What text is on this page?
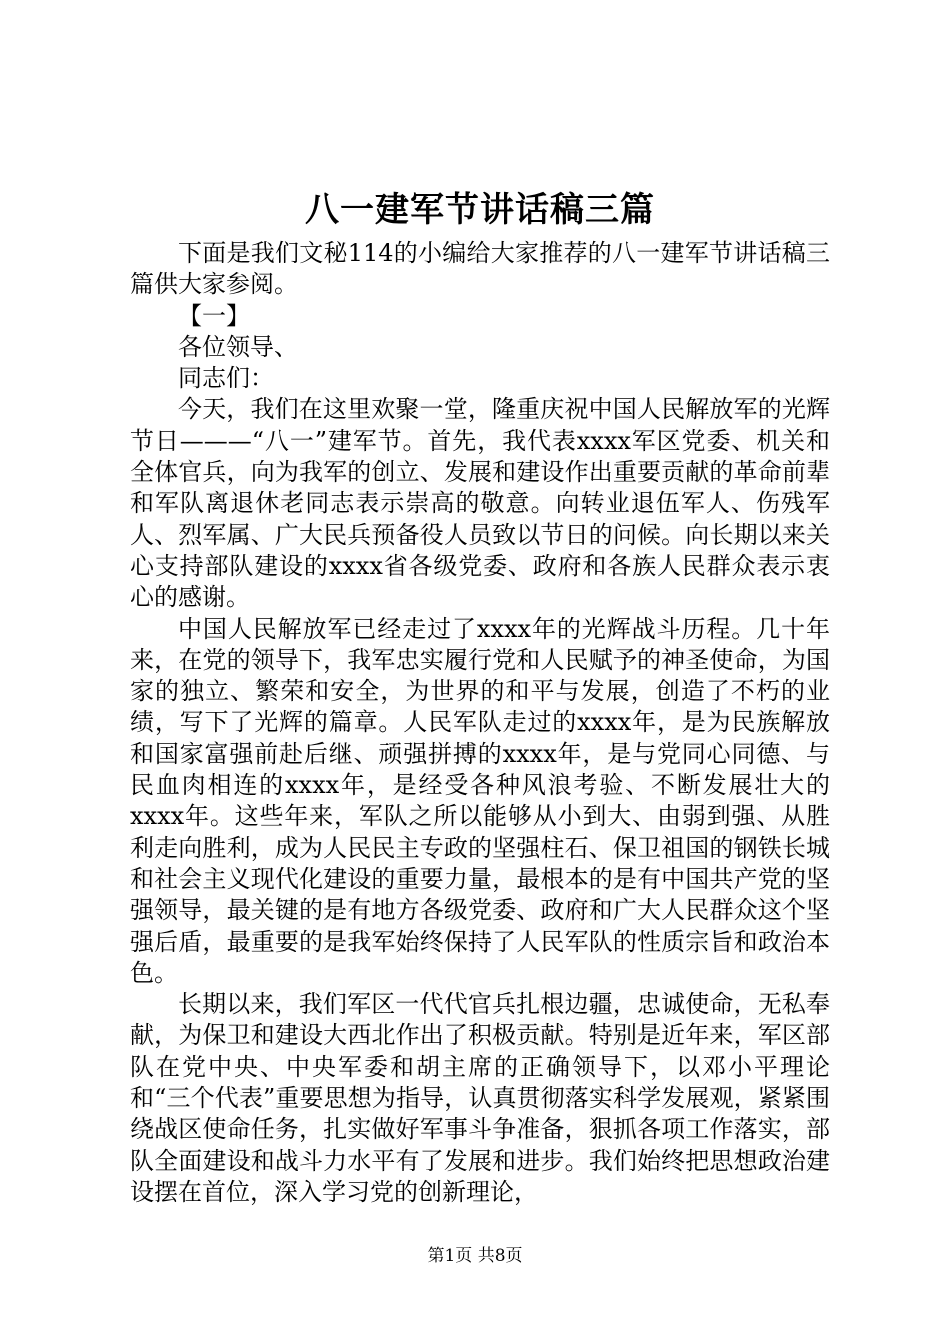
八一建军节讲话稿三篇

下面是我们文秘114的小编给大家推荐的八一建军节讲话稿三篇供大家参阅。

【一】

各位领导、

同志们：

今天，我们在这里欢聚一堂，隆重庆祝中国人民解放军的光辉节日———“八一”建军节。首先，我代表xxxx军区党委、机关和全体官兵，向为我军的创立、发展和建设作出重要贡献的革命前辈和军队离退休老同志表示崇高的敬意。向转业退伍军人、伤残军人、烈军属、广大民兵预备役人员致以节日的问候。向长期以来关心支持部队建设的xxxx省各级党委、政府和各族人民群众表示衷心的感谢。

中国人民解放军已经走过了xxxx年的光辉战斗历程。几十年来，在党的领导下，我军忠实履行党和人民赋予的神圣使命，为国家的独立、繁荣和安全，为世界的和平与发展，创造了不朽的业绩，写下了光辉的篇章。人民军队走过的xxxx年，是为民族解放和国家富强前赴后继、顽强拼搏的xxxx年，是与党同心同德、与民血肉相连的xxxx年，是经受各种风浪考验、不断发展壮大的xxxx年。这些年来，军队之所以能够从小到大、由弱到强、从胜利走向胜利，成为人民民主专政的坚强柱石、保卫祖国的钢铁长城和社会主义现代化建设的重要力量，最根本的是有中国共产党的坚强领导，最关键的是有地方各级党委、政府和广大人民群众这个坚强后盾，最重要的是我军始终保持了人民军队的性质宗旨和政治本色。

长期以来，我们军区一代代官兵扎根边疆，忠诚使命，无私奉献，为保卫和建设大西北作出了积极贡献。特别是近年来，军区部队在党中央、中央军委和胡主席的正确领导下，以邓小平理论和“三个代表”重要思想为指导，认真贯彻落实科学发展观，紧紧围绕战区使命任务，扎实做好军事斗争准备，狠抓各项工作落实，部队全面建设和战斗力水平有了发展和进步。我们始终把思想政治建设摆在首位，深入学习党的创新理论，

第1页 共8页
